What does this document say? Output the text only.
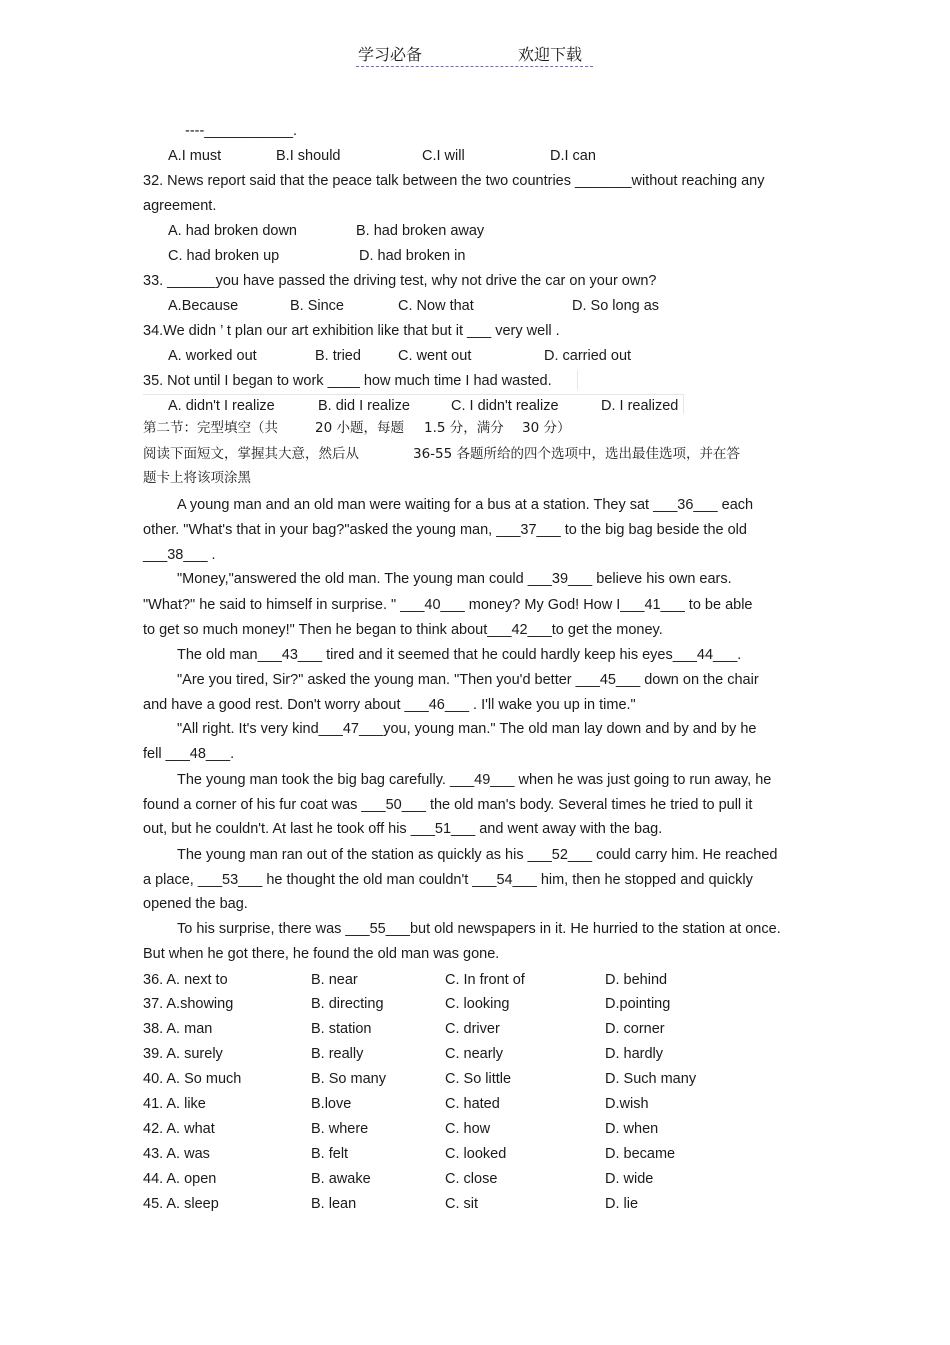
学习必备	欢迎下载
----___________.
A.I must	B.I should	C.I will	D.I can
32. News report said that the peace talk between the two countries _______without reaching any
agreement.
A. had broken down	B. had broken away
C. had broken up	D. had broken in
33. ______you have passed the driving test, why not drive the car on your own?
A.Because	B. Since	C. Now that	D. So long as
34.We didn ’ t plan our art exhibition like that but it ___ very well .
A. worked out	B. tried	C. went out	D. carried out
35. Not until I began to work ____ how much time I had wasted.
A. didn't I realize	B. did I realize	C. I didn't realize	D. I realized
第二节：完型填空（共	20 小题，每题 1.5 分，满分 30 分）
阅读下面短文，掌握其大意，然后从	36-55 各题所给的四个选项中，选出最佳选项，并在答
题卡上将该项涂黑
A young man and an old man were waiting for a bus at a station. They sat ___36___ each
other. "What's that in your bag?"asked the young man, ___37___ to the big bag beside the old
___38___ .
"Money,"answered the old man. The young man could ___39___ believe his own ears.
"What?" he said to himself in surprise. " ___40___ money? My God! How I___41___ to be able
to get so much money!" Then he began to think about___42___to get the money.
The old man___43___ tired and it seemed that he could hardly keep his eyes___44___.
"Are you tired, Sir?" asked the young man. "Then you'd better ___45___ down on the chair
and have a good rest. Don't worry about ___46___ . I'll wake you up in time."
"All right. It's very kind___47___you, young man." The old man lay down and by and by he
fell ___48___.
The young man took the big bag carefully. ___49___ when he was just going to run away, he
found a corner of his fur coat was ___50___ the old man's body. Several times he tried to pull it
out, but he couldn't. At last he took off his ___51___ and went away with the bag.
The young man ran out of the station as quickly as his ___52___ could carry him. He reached
a place, ___53___ he thought the old man couldn't ___54___ him, then he stopped and quickly
opened the bag.
To his surprise, there was ___55___but old newspapers in it. He hurried to the station at once.
But when he got there, he found the old man was gone.
36. A. next to	B. near	C. In front of	D. behind
37. A.showing	B. directing	C. looking	D.pointing
38. A. man	B. station	C. driver	D. corner
39. A. surely	B. really	C. nearly	D. hardly
40. A. So much	B. So many	C. So little	D. Such many
41. A. like	B.love	C. hated	D.wish
42. A. what	B. where	C. how	D. when
43. A. was	B. felt	C. looked	D. became
44. A. open	B. awake	C. close	D. wide
45. A. sleep	B. lean	C. sit	D. lie
